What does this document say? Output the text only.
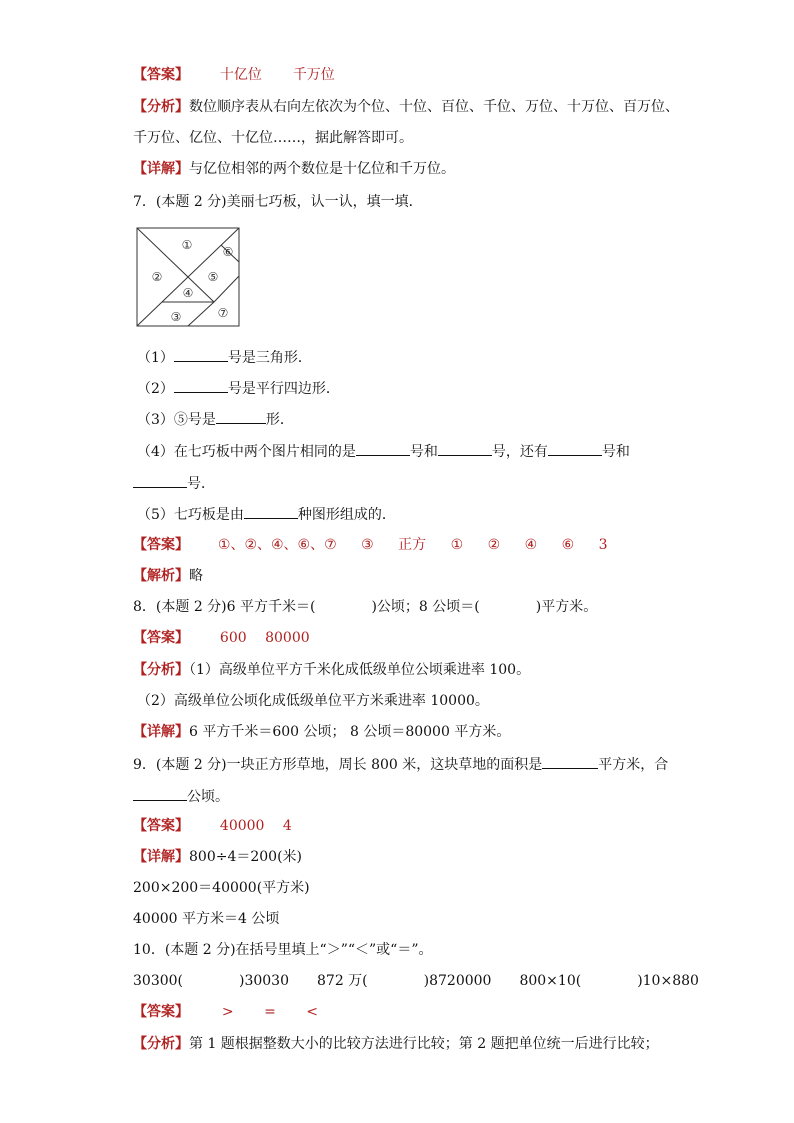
【答案】 十亿位 千万位
【分析】数位顺序表从右向左依次为个位、十位、百位、千位、万位、十万位、百万位、
千万位、亿位、十亿位……，据此解答即可。
【详解】与亿位相邻的两个数位是十亿位和千万位。
7．(本题 2 分)美丽七巧板，认一认，填一填．
①
②
③
④
⑤
⑥
⑦
（1）	号是三角形．
（2）	号是平行四边形．
（3）⑤号是	形．
（4）在七巧板中两个图片相同的是	号和	号，还有	号和
号．
（5）七巧板是由	种图形组成的．
【答案】 ①、②、④、⑥、⑦ ③ 正方 ① ② ④ ⑥ 3
【解析】略
8．(本题 2 分)6 平方千米＝(	)公顷；8 公顷＝(	)平方米。
【答案】 600 80000
【分析】（1）高级单位平方千米化成低级单位公顷乘进率 100。
（2）高级单位公顷化成低级单位平方米乘进率 10000。
【详解】6 平方千米＝600 公顷； 8 公顷＝80000 平方米。
9．(本题 2 分)一块正方形草地，周长 800 米，这块草地的面积是	平方米，合
公顷。
【答案】 40000 4
【详解】800÷4＝200(米)
200×200＝40000(平方米)
40000 平方米＝4 公顷
10．(本题 2 分)在括号里填上“＞”“＜”或“＝”。
30300(	)30030 872 万(	)8720000 800×10(	)10×880
【答案】 > = <
【分析】第 1 题根据整数大小的比较方法进行比较；第 2 题把单位统一后进行比较；
